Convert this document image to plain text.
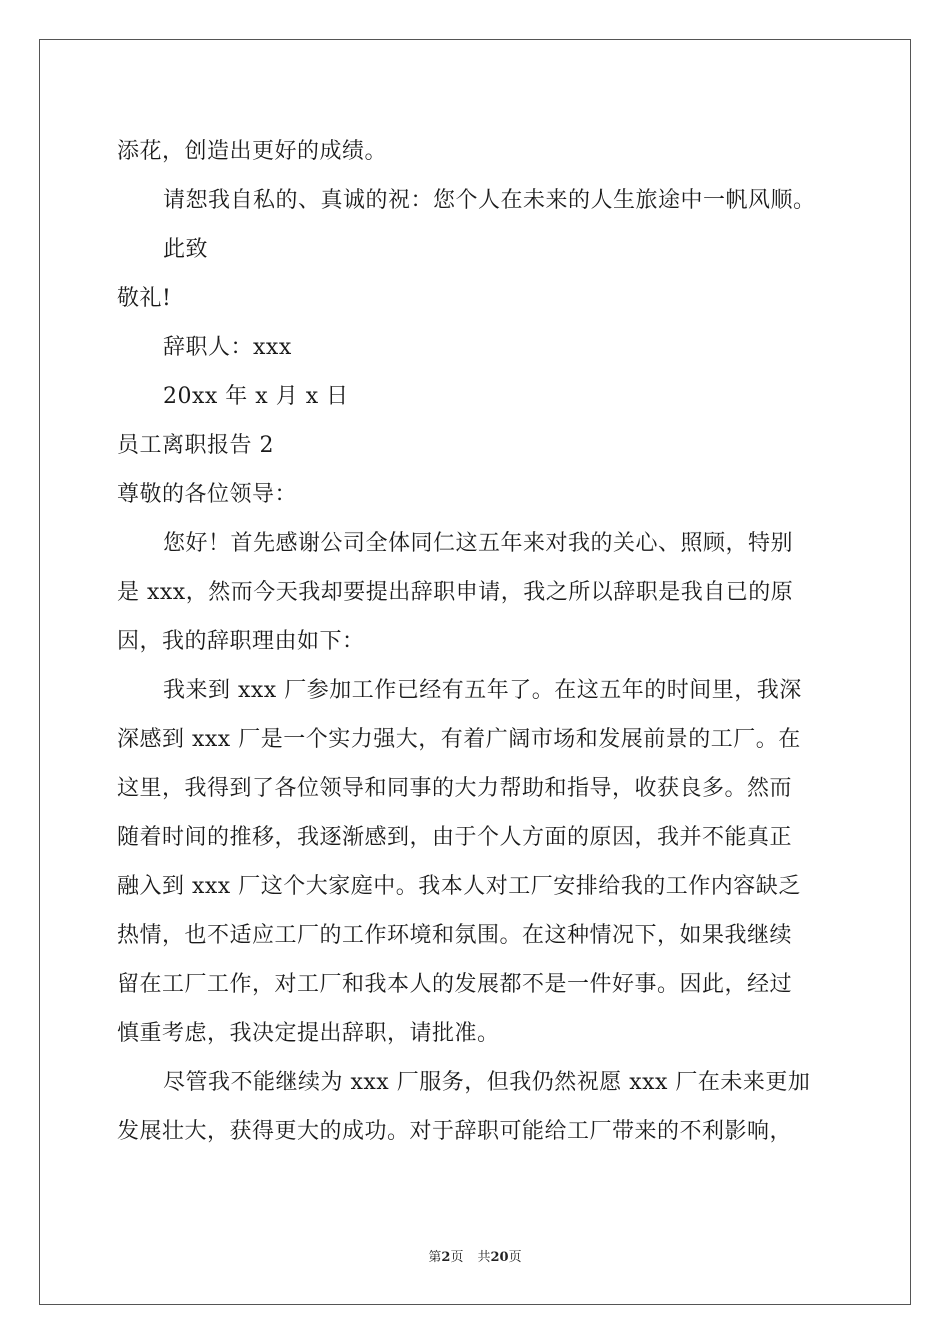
添花，创造出更好的成绩。
请恕我自私的、真诚的祝：您个人在未来的人生旅途中一帆风顺。
此致
敬礼!
辞职人：xxx
20xx 年 x 月 x 日
员工离职报告 2
尊敬的各位领导：
您好！首先感谢公司全体同仁这五年来对我的关心、照顾，特别
是 xxx，然而今天我却要提出辞职申请，我之所以辞职是我自已的原
因，我的辞职理由如下：
我来到 xxx 厂参加工作已经有五年了。在这五年的时间里，我深
深感到 xxx 厂是一个实力强大，有着广阔市场和发展前景的工厂。在
这里，我得到了各位领导和同事的大力帮助和指导，收获良多。然而
随着时间的推移，我逐渐感到，由于个人方面的原因，我并不能真正
融入到 xxx 厂这个大家庭中。我本人对工厂安排给我的工作内容缺乏
热情，也不适应工厂的工作环境和氛围。在这种情况下，如果我继续
留在工厂工作，对工厂和我本人的发展都不是一件好事。因此，经过
慎重考虑，我决定提出辞职，请批准。
尽管我不能继续为 xxx 厂服务，但我仍然祝愿 xxx 厂在未来更加
发展壮大，获得更大的成功。对于辞职可能给工厂带来的不利影响，
第2页 共20页
